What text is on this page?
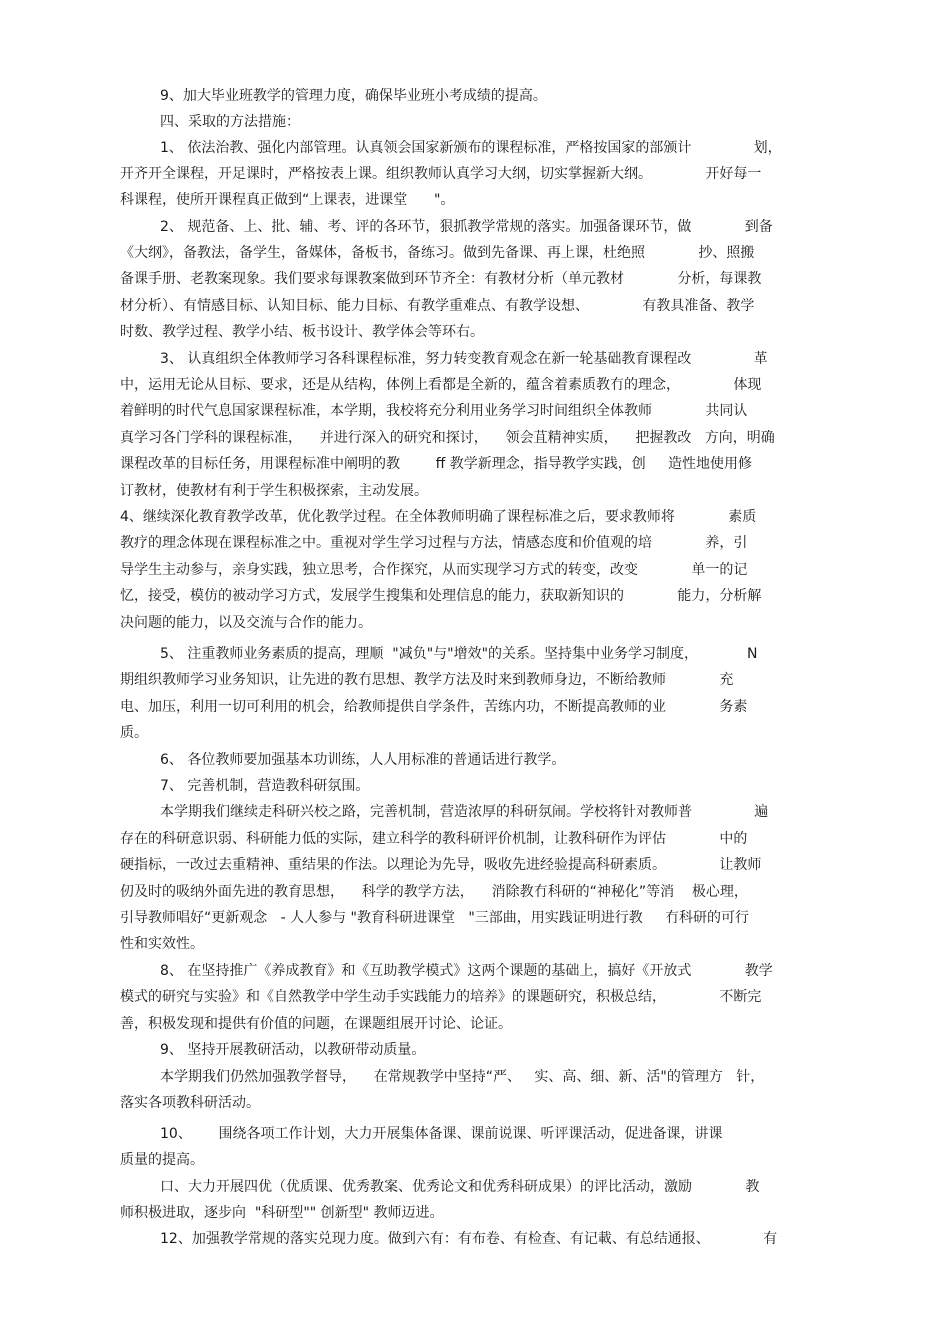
9、加大毕业班教学的管理力度，确保毕业班小考成绩的提高。
四、采取的方法措施：
1、 依法治教、强化内部管理。认真领会国家新颁布的课程标准，严格按国家的部颁计              划，
开齐开全课程，开足课时，严格按表上课。组织教师认真学习大纲，切实掌握新大纲。            开好每一
科课程，使所开课程真正做到“上课表，进课堂      "。
2、 规范备、上、批、辅、考、评的各环节，狠抓教学常规的落实。加强备课环节，做            到备
《大纲》，备教法，备学生，备媒体，备板书，备练习。做到先备课、再上课，杜绝照            抄、照搬
备课手册、老教案现象。我们要求每课教案做到环节齐全：有教材分析（单元教材            分析，每课教
材分析）、有情感目标、认知目标、能力目标、有教学重难点、有教学设想、            有教具准备、教学
时数、教学过程、教学小结、板书设计、教学体会等环右。
3、 认真组织全体教师学习各科课程标准，努力转变教育观念在新一轮基础教育课程改              革
中，运用无论从目标、要求，还是从结构，体例上看都是全新的，蕴含着素质教冇的理念，            体现
着鲜明的时代气息国家课程标准，本学期，我校将充分利用业务学习时间组织全体教师            共同认
真学习各门学科的课程标准，    并进行深入的研究和探讨，    领会苴精神实质，    把握教改   方向，明确
课程改革的目标任务，用课程标准中阐明的教        ff 教学新理念，指导教学实践，创     造性地使用修
订教材，使教材有利于学生积极探索，主动发展。
4、继续深化教育教学改革，优化教学过程。在全体教师明确了课程标准之后，要求教师将            素质
教疗的理念体现在课程标准之中。重视对学生学习过程与方法，情感态度和价值观的培            养，引
导学生主动参与，亲身实践，独立思考，合作探究，从而实现学习方式的转变，改变            单一的记
忆，接受，模仿的被动学习方式，发展学生搜集和处理信息的能力，获取新知识的            能力，分析解
决问题的能力，以及交流与合作的能力。
5、 注重教师业务素质的提高，理顺  "减负"与"增效"的关系。坚持集中业务学习制度，           N
期组织教师学习业务知识，让先进的教冇思想、教学方法及时来到教师身边，不断给教师            充
电、加压，利用一切可利用的机会，给教师提供自学条件，苦练内功，不断提高教师的业            务素
质。
6、 各位教师要加强基本功训练，人人用标准的普通话进行教学。
7、 完善机制，营造教科研氛围。
本学期我们继续走科研兴校之路，完善机制，营造浓厚的科研氛闹。学校将针对教师普              遍
存在的科研意识弱、科研能力低的实际，建立科学的教科研评价机制，让教科研作为评估            中的
硬指标，一改过去重精神、重结果的作法。以理论为先导，吸收先进经验提高科研素质。            让教师
仞及时的吸纳外面先进的教育思想，    科学的教学方法，    消除教冇科研的“神秘化”等消    极心理，
引导教师唱好“更新观念   - 人人参与 "教育科研进课堂   "三部曲，用实践证明进行教     冇科研的可行
性和实效性。
8、 在坚持推广《养成教育》和《互助教学模式》这两个课题的基础上，搞好《开放式            教学
模式的研究与实验》和《自然教学中学生动手实践能力的培养》的课题研究，积极总结，            不断完
善，积极发现和提供有价值的问题，在课题组展开讨论、论证。
9、 坚持开展教研活动，以教研带动质量。
本学期我们仍然加强教学督导，    在常规教学中坚持“严、   实、高、细、新、活"的管理方   针，
落实各项教科研活动。
10、      围绕各项工作计划，大力开展集体备课、课前说课、听评课活动，促进备课，讲课
质量的提高。
口、大力开展四优（优质课、优秀教案、优秀论文和优秀科研成果）的评比活动，激励            教
师积极进取，逐步向  "科研型"" 创新型" 教师迈进。
12、加强教学常规的落实兑现力度。做到六有：有布卷、有检查、有记載、有总结通报、            有
